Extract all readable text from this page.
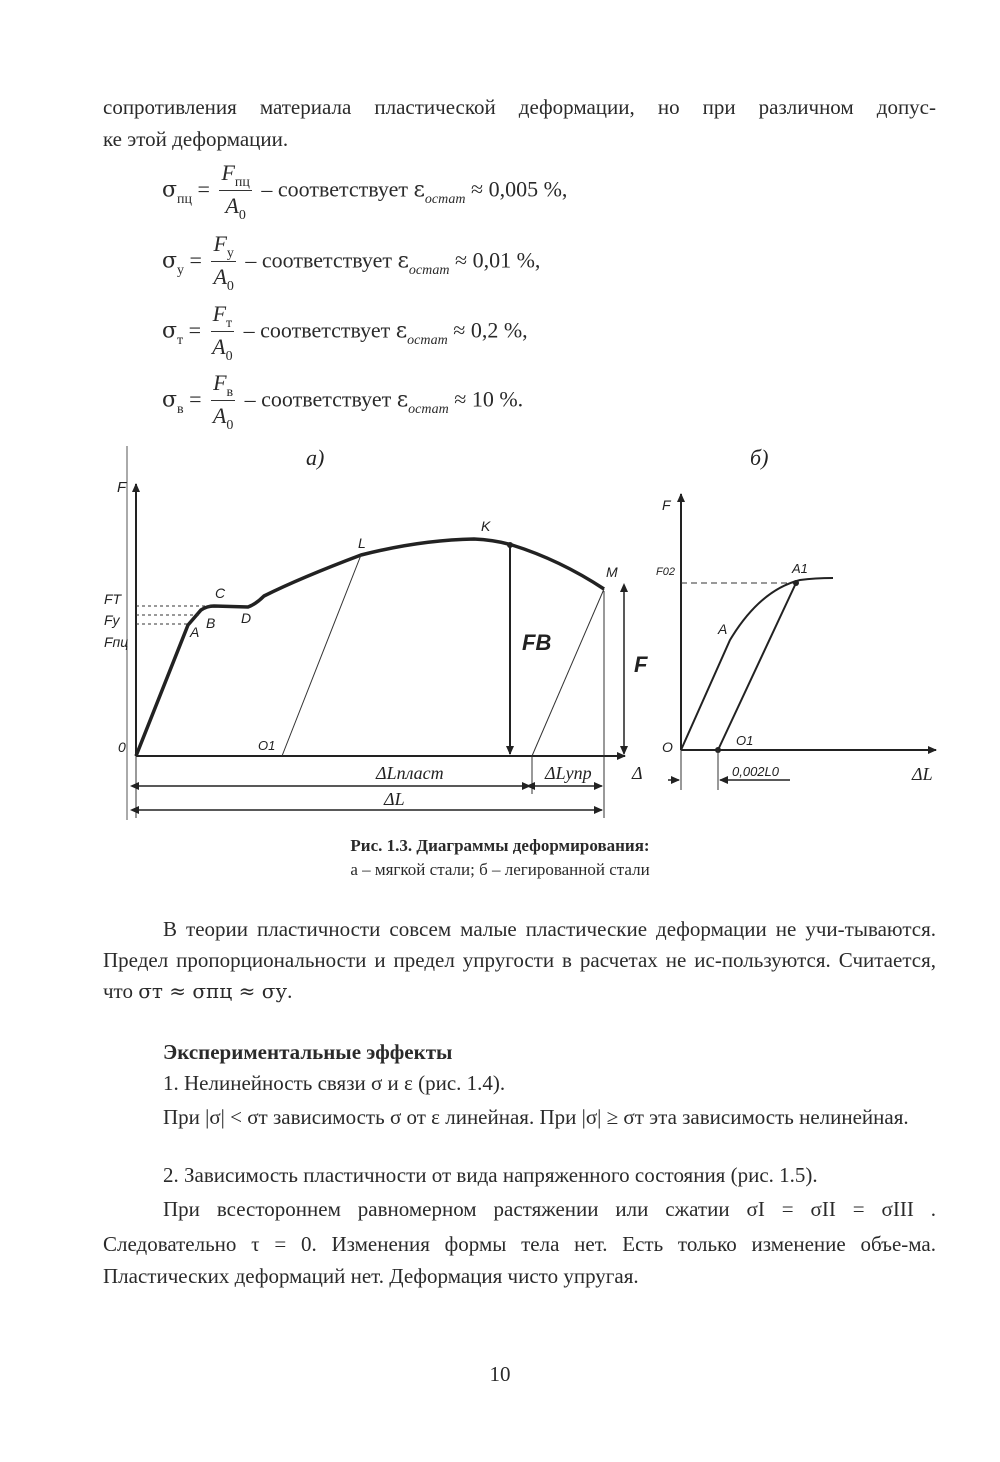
сопротивления материала пластической деформации, но при различном допус-
ке этой деформации.
$\sigma_{пц} = \frac{F_{пц}}{A_0}$ – соответствует $\varepsilon_{остат} \approx 0,005$ %,
$\sigma_у = \frac{F_у}{A_0}$ – соответствует $\varepsilon_{остат} \approx 0,01$ %,
$\sigma_т = \frac{F_т}{A_0}$ – соответствует $\varepsilon_{остат} \approx 0,2$ %,
$\sigma_в = \frac{F_в}{A_0}$ – соответствует $\varepsilon_{остат} \approx 10$ %.
а)	б)
F
0
FT
Fy
Fпц
A
B
C
D
L
K
M
O1
FВ
F
ΔLпласт	ΔLупр
ΔL
Δ
F
O
F02	A1
A
O1
0,002L0	ΔL
Рис. 1.3. Диаграммы деформирования:
а – мягкой стали; б – легированной стали
В теории пластичности совсем малые пластические деформации не учи-тываются. Предел пропорциональности и предел упругости в расчетах не ис-пользуются. Считается, что σт ≈ σпц ≈ σу.
Экспериментальные эффекты
1. Нелинейность связи σ и ε (рис. 1.4).
При |σ| < σт зависимость σ от ε линейная. При |σ| ≥ σт эта зависимость нелинейная.
2. Зависимость пластичности от вида напряженного состояния (рис. 1.5).
При всестороннем равномерном растяжении или сжатии σI = σII = σIII .
Следовательно τ = 0. Изменения формы тела нет. Есть только изменение объе-ма. Пластических деформаций нет. Деформация чисто упругая.
10
